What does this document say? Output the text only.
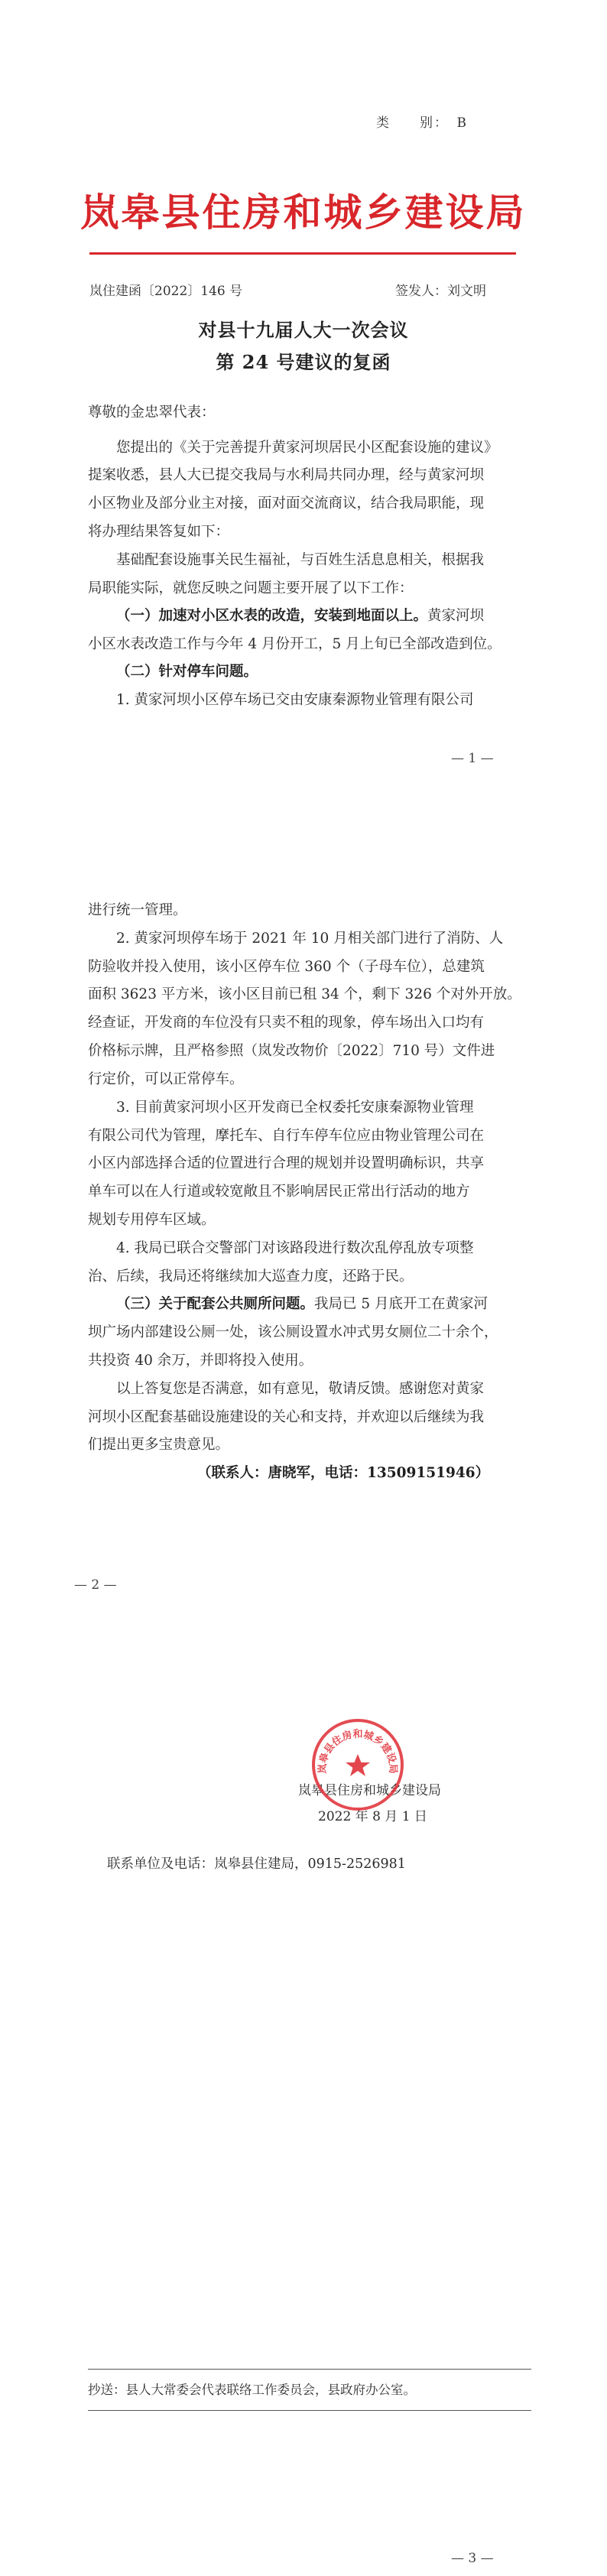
类　　别：　B
岚皋县住房和城乡建设局
岚住建函〔2022〕146 号	签发人：刘文明
对县十九届人大一次会议
第 24 号建议的复函
尊敬的金忠翠代表：
您提出的《关于完善提升黄家河坝居民小区配套设施的建议》
提案收悉，县人大已提交我局与水利局共同办理，经与黄家河坝
小区物业及部分业主对接，面对面交流商议，结合我局职能，现
将办理结果答复如下：
基础配套设施事关民生福祉，与百姓生活息息相关，根据我
局职能实际，就您反映之问题主要开展了以下工作：
（一）加速对小区水表的改造，安装到地面以上。黄家河坝
小区水表改造工作与今年 4 月份开工，5 月上旬已全部改造到位。
（二）针对停车问题。
1. 黄家河坝小区停车场已交由安康秦源物业管理有限公司
— 1 —
进行统一管理。
2. 黄家河坝停车场于 2021 年 10 月相关部门进行了消防、人
防验收并投入使用，该小区停车位 360 个（子母车位），总建筑
面积 3623 平方米，该小区目前已租 34 个，剩下 326 个对外开放。
经查证，开发商的车位没有只卖不租的现象，停车场出入口均有
价格标示牌，且严格参照（岚发改物价〔2022〕710 号）文件进
行定价，可以正常停车。
3. 目前黄家河坝小区开发商已全权委托安康秦源物业管理
有限公司代为管理，摩托车、自行车停车位应由物业管理公司在
小区内部选择合适的位置进行合理的规划并设置明确标识，共享
单车可以在人行道或较宽敞且不影响居民正常出行活动的地方
规划专用停车区域。
4. 我局已联合交警部门对该路段进行数次乱停乱放专项整
治、后续，我局还将继续加大巡查力度，还路于民。
（三）关于配套公共厕所问题。我局已 5 月底开工在黄家河
坝广场内部建设公厕一处，该公厕设置水冲式男女厕位二十余个，
共投资 40 余万，并即将投入使用。
以上答复您是否满意，如有意见，敬请反馈。感谢您对黄家
河坝小区配套基础设施建设的关心和支持，并欢迎以后继续为我
们提出更多宝贵意见。
（联系人：唐晓军，电话：13509151946）
— 2 —
岚皋县住房和城乡建设局
2022 年 8 月 1 日
岚皋县住房和城乡建设局
联系单位及电话：岚皋县住建局，0915-2526981
抄送：县人大常委会代表联络工作委员会，县政府办公室。
— 3 —
